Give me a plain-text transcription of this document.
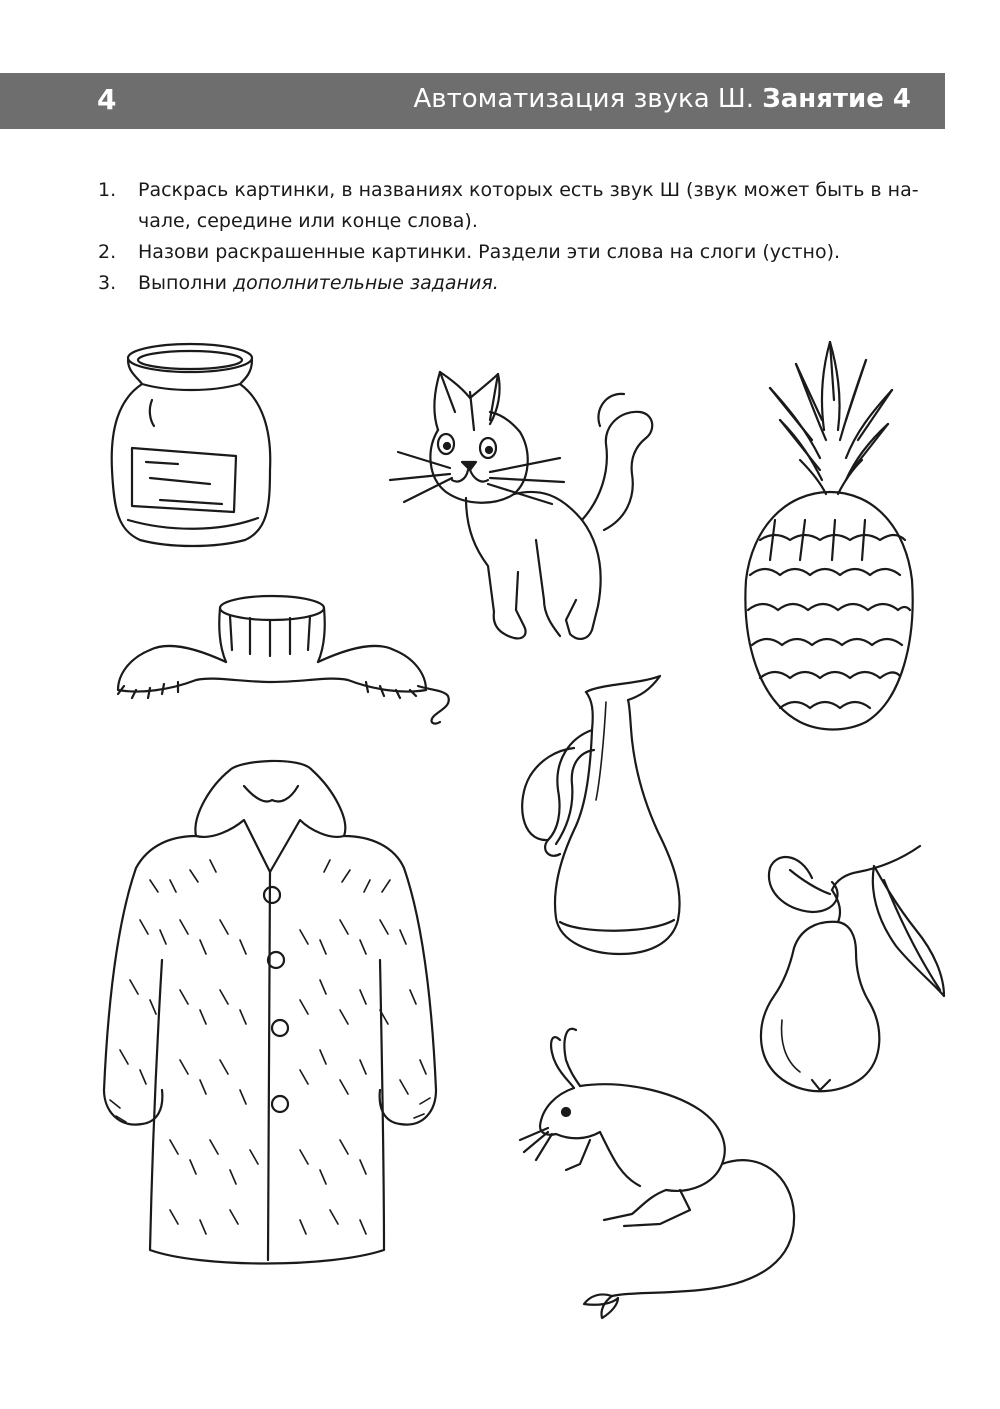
4	Автоматизация звука Ш. Занятие 4
1. Раскрась картинки, в названиях которых есть звук Ш (звук может быть в на-чале, середине или конце слова).
2. Назови раскрашенные картинки. Раздели эти слова на слоги (устно).
3. Выполни дополнительные задания.
